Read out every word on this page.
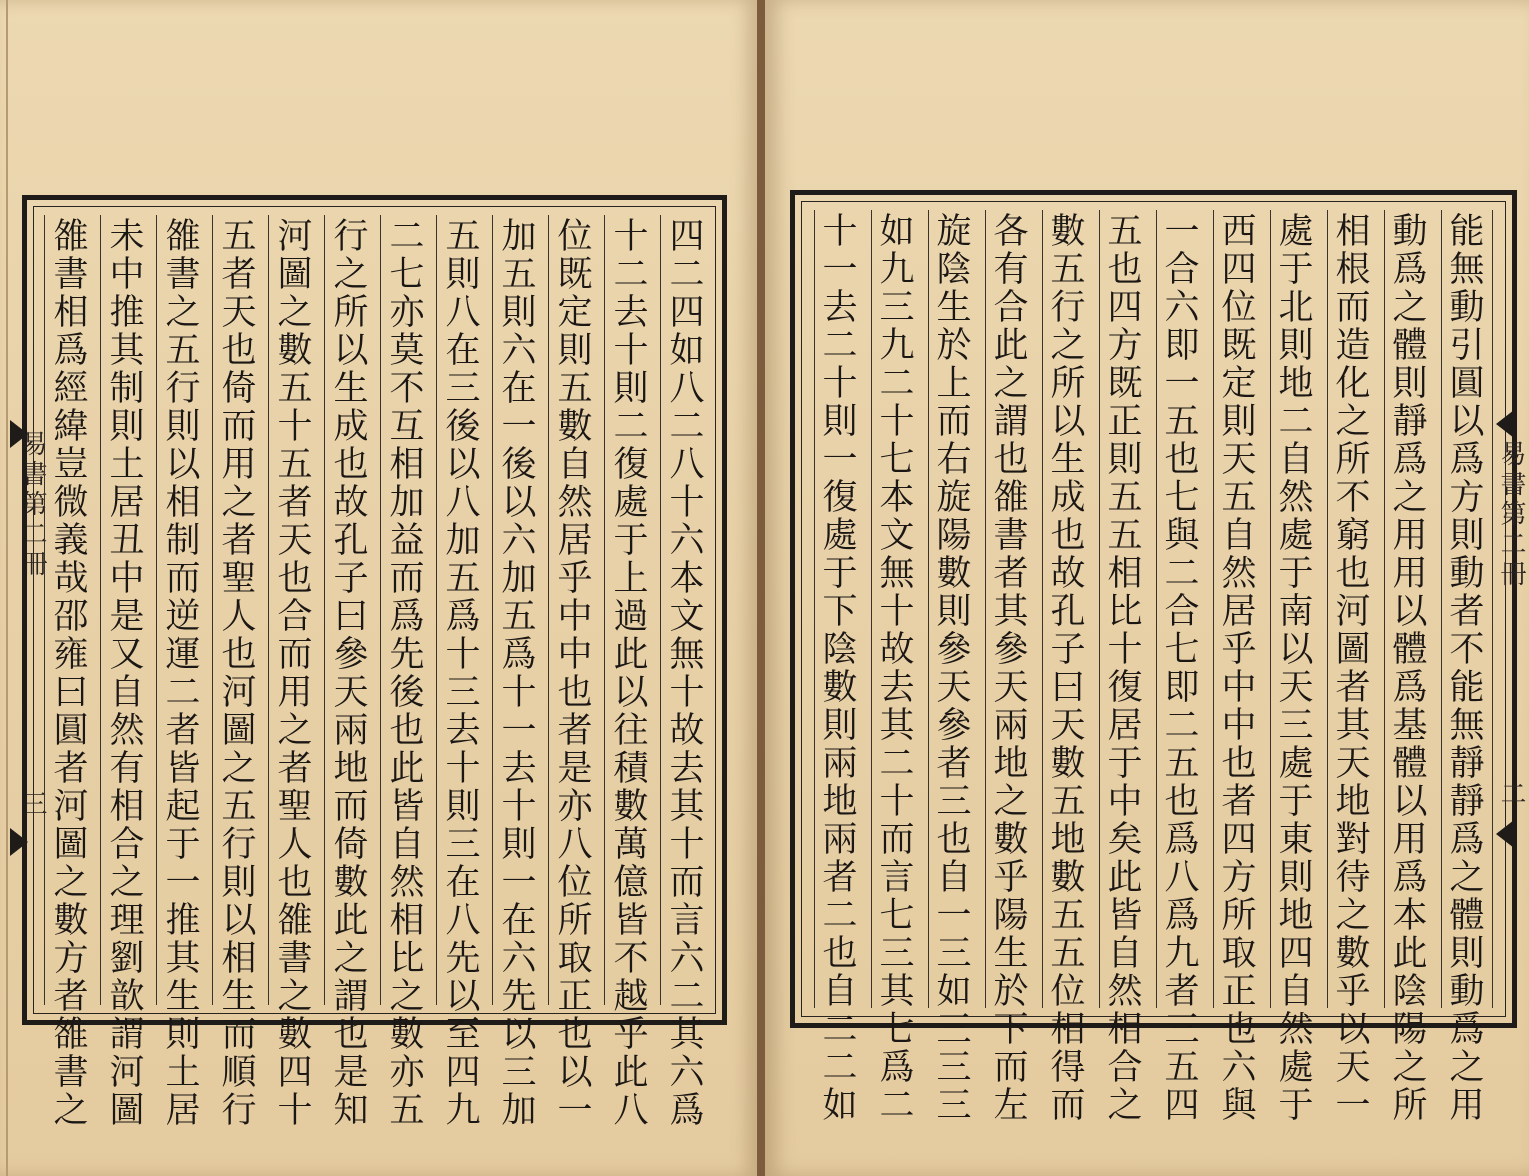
易書第二冊
三	四二四如八二八十六本文無十故去其十而言六二其六爲
十二去十則二復處于上過此以往積數萬億皆不越乎此八
位既定則五數自然居乎中中也者是亦八位所取正也以一
加五則六在一後以六加五爲十一去十則一在六先以三加
五則八在三後以八加五爲十三去十則三在八先以至四九
二七亦莫不互相加益而爲先後也此皆自然相比之數亦五
行之所以生成也故孔子曰參天兩地而倚數此之謂也是知
河圖之數五十五者天也合而用之者聖人也雒書之數四十
五者天也倚而用之者聖人也河圖之五行則以相生而順行
雒書之五行則以相制而逆運二者皆起于一推其生則土居
未中推其制則土居丑中是又自然有相合之理劉歆謂河圖
雒書相爲經緯豈微義哉邵雍曰圓者河圖之數方者雒書之	能無動引圓以爲方則動者不能無靜靜爲之體則動爲之用
動爲之體則靜爲之用用以體爲基體以用爲本此陰陽之所
相根而造化之所不窮也河圖者其天地對待之數乎以天一
處于北則地二自然處于南以天三處于東則地四自然處于
西四位既定則天五自然居乎中中也者四方所取正也六與
一合六即一五也七與二合七即二五也爲八爲九者三五四
五也四方既正則五五相比十復居于中矣此皆自然相合之
數五行之所以生成也故孔子曰天數五地數五五位相得而
各有合此之謂也雒書者其參天兩地之數乎陽生於下而左
旋陰生於上而右旋陽數則參天參者三也自一三如三三三
如九三九二十七本文無十故去其二十而言七三其七爲二
十一去二十則一復處于下陰數則兩地兩者二也自二二如	易書第二冊
二
